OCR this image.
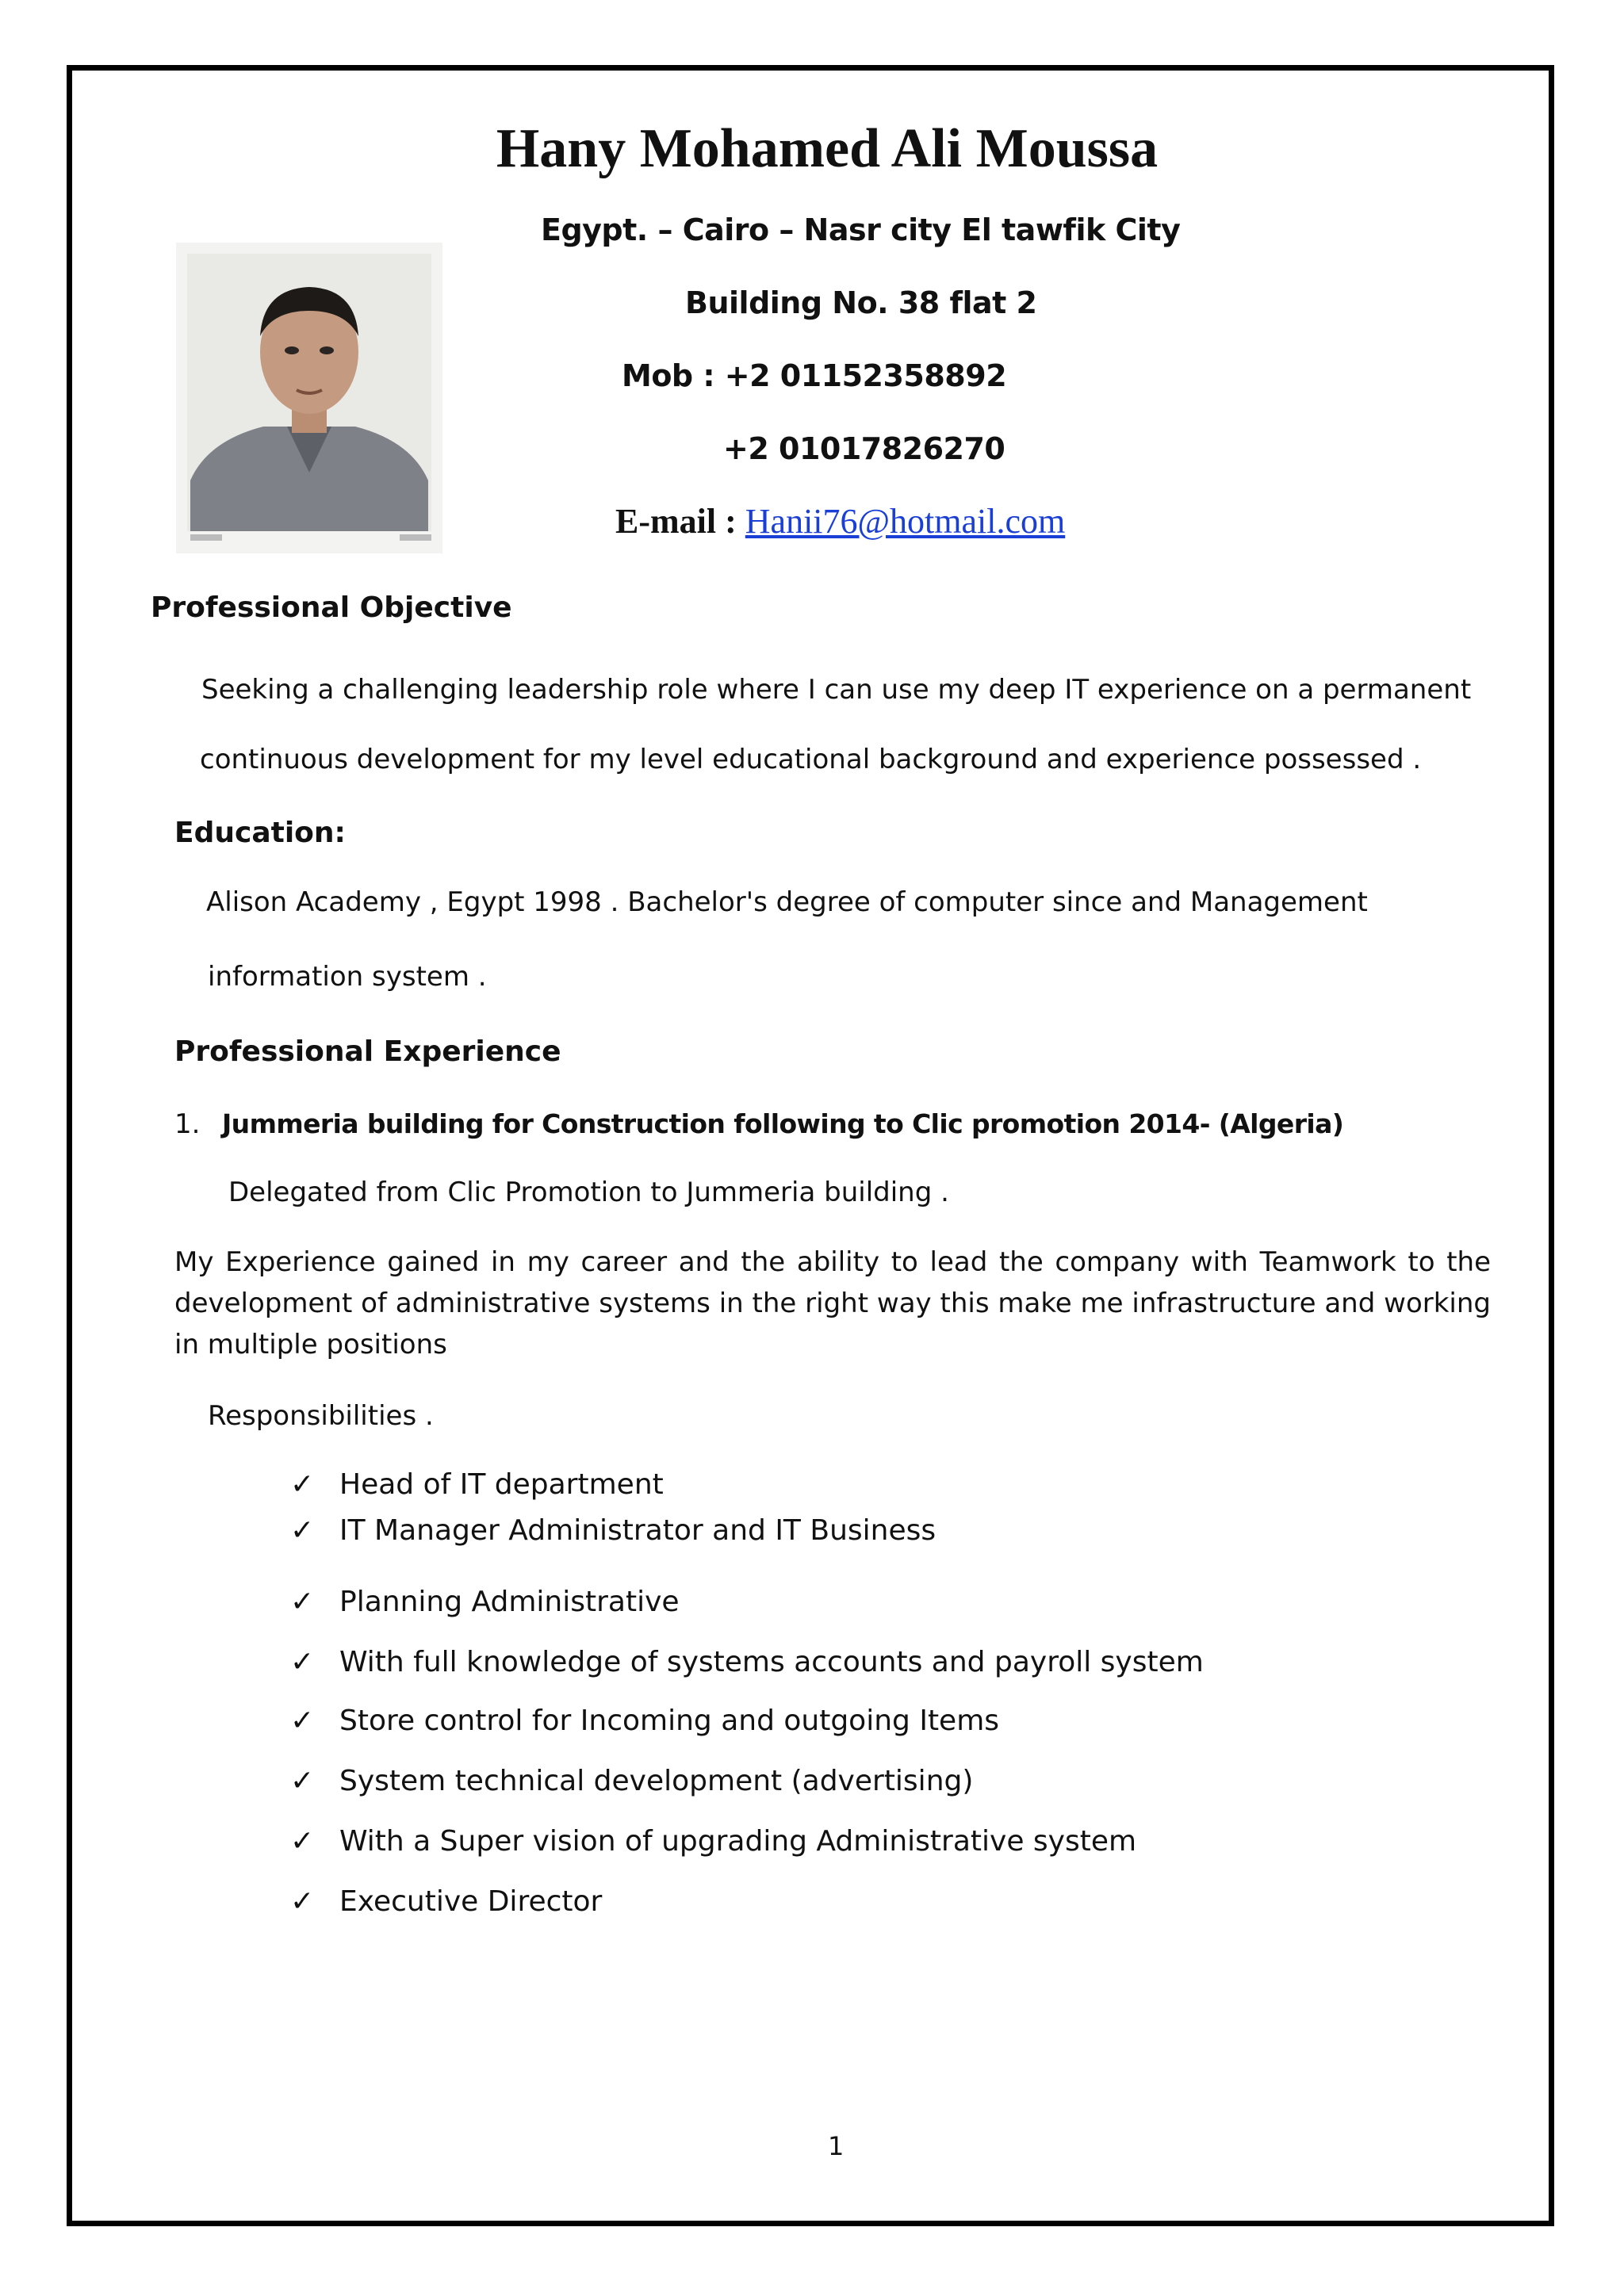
Hany Mohamed Ali Moussa
Egypt. – Cairo – Nasr city El tawfik City
Building No. 38 flat 2
Mob : +2 01152358892
+2 01017826270
E-mail : Hanii76@hotmail.com
Professional Objective
Seeking a challenging leadership role where I can use my deep IT experience on a permanent
continuous development for my level educational background and experience possessed .
Education:
Alison Academy , Egypt 1998 . Bachelor's degree of computer since and Management
information system .
Professional Experience
1. Jummeria building for Construction following to Clic promotion 2014- (Algeria)
Delegated from Clic Promotion to Jummeria building .
My Experience gained in my career and the ability to lead the company with Teamwork to the development of administrative systems in the right way this make me infrastructure and working in multiple positions
Responsibilities .
✓ Head of IT department
✓ IT Manager Administrator and IT Business
✓ Planning Administrative
✓ With full knowledge of systems accounts and payroll system
✓ Store control for Incoming and outgoing Items
✓ System technical development (advertising)
✓ With a Super vision of upgrading Administrative system
✓ Executive Director
1
